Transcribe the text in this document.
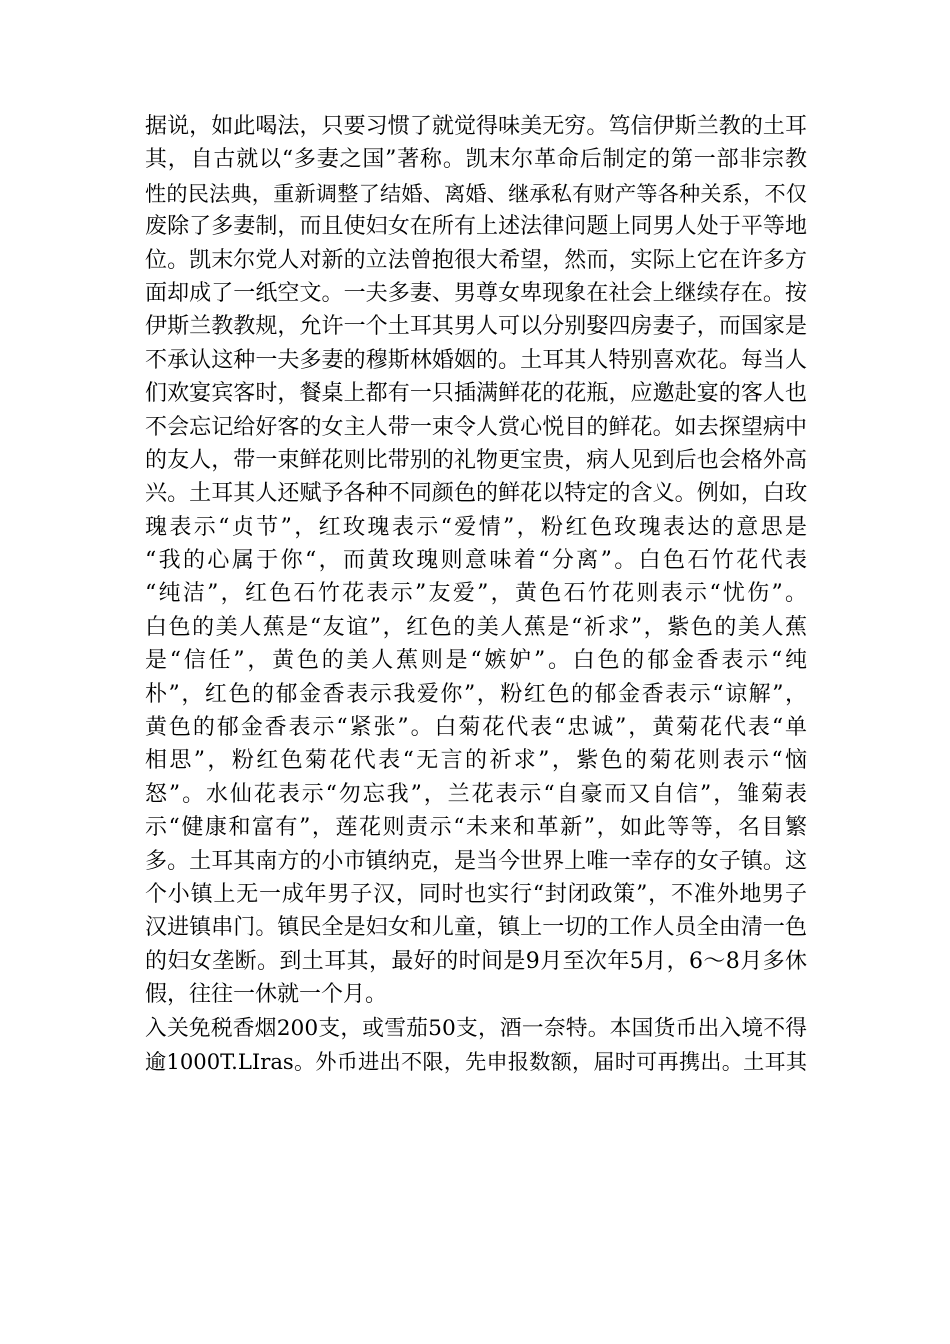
据说，如此喝法，只要习惯了就觉得味美无穷。笃信伊斯兰教的土耳
其，自古就以“多妻之国”著称。凯末尔革命后制定的第一部非宗教
性的民法典，重新调整了结婚、离婚、继承私有财产等各种关系，不仅
废除了多妻制，而且使妇女在所有上述法律问题上同男人处于平等地
位。凯末尔党人对新的立法曾抱很大希望，然而，实际上它在许多方
面却成了一纸空文。一夫多妻、男尊女卑现象在社会上继续存在。按
伊斯兰教教规，允许一个土耳其男人可以分别娶四房妻子，而国家是
不承认这种一夫多妻的穆斯林婚姻的。土耳其人特别喜欢花。每当人
们欢宴宾客时，餐桌上都有一只插满鲜花的花瓶，应邀赴宴的客人也
不会忘记给好客的女主人带一束令人赏心悦目的鲜花。如去探望病中
的友人，带一束鲜花则比带别的礼物更宝贵，病人见到后也会格外高
兴。土耳其人还赋予各种不同颜色的鲜花以特定的含义。例如，白玫
瑰表示“贞节”，红玫瑰表示“爱情”，粉红色玫瑰表达的意思是
“我的心属于你“，而黄玫瑰则意味着“分离”。白色石竹花代表
“纯洁”，红色石竹花表示”友爱”，黄色石竹花则表示“忧伤”。
白色的美人蕉是“友谊”，红色的美人蕉是“祈求”，紫色的美人蕉
是“信任”，黄色的美人蕉则是“嫉妒”。白色的郁金香表示“纯
朴”，红色的郁金香表示我爱你”，粉红色的郁金香表示“谅解”，
黄色的郁金香表示“紧张”。白菊花代表“忠诚”，黄菊花代表“单
相思”，粉红色菊花代表“无言的祈求”，紫色的菊花则表示“恼
怒”。水仙花表示“勿忘我”，兰花表示“自豪而又自信”，雏菊表
示“健康和富有”，莲花则责示“未来和革新”，如此等等，名目繁
多。土耳其南方的小市镇纳克，是当今世界上唯一幸存的女子镇。这
个小镇上无一成年男子汉，同时也实行“封闭政策”，不准外地男子
汉进镇串门。镇民全是妇女和儿童，镇上一切的工作人员全由清一色
的妇女垄断。到土耳其，最好的时间是9月至次年5月，6～8月多休
假，往往一休就一个月。
入关免税香烟200支，或雪茄50支，酒一奈特。本国货币出入境不得
逾1000T.LIras。外币进出不限，先申报数额，届时可再携出。土耳其
